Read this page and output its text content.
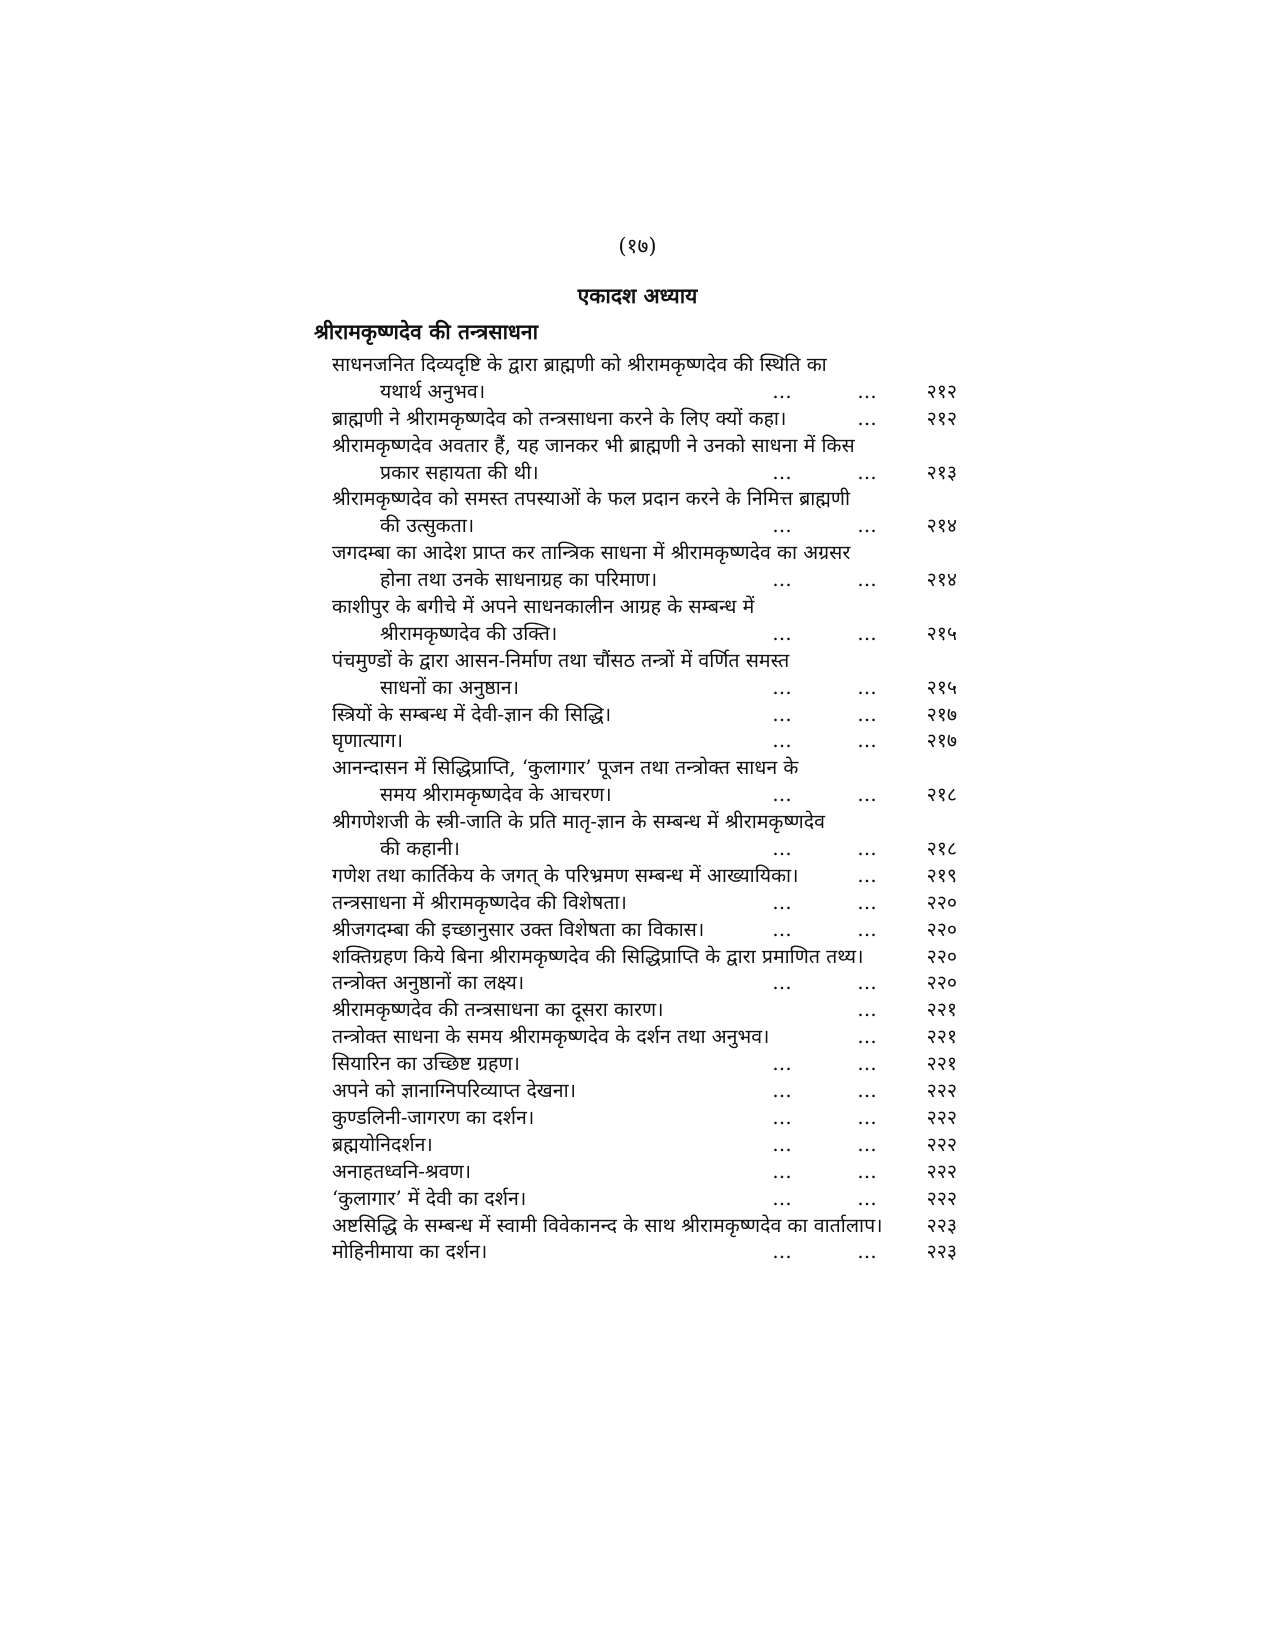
(१७)
एकादश अध्याय
श्रीरामकृष्णदेव की तन्त्रसाधना
साधनजनित दिव्यदृष्टि के द्वारा ब्राह्मणी को श्रीरामकृष्णदेव की स्थिति का
यथार्थ अनुभव।	…	…	२१२
ब्राह्मणी ने श्रीरामकृष्णदेव को तन्त्रसाधना करने के लिए क्यों कहा।	…	२१२
श्रीरामकृष्णदेव अवतार हैं, यह जानकर भी ब्राह्मणी ने उनको साधना में किस
प्रकार सहायता की थी।	…	…	२१३
श्रीरामकृष्णदेव को समस्त तपस्याओं के फल प्रदान करने के निमित्त ब्राह्मणी
की उत्सुकता।	…	…	२१४
जगदम्बा का आदेश प्राप्त कर तान्त्रिक साधना में श्रीरामकृष्णदेव का अग्रसर
होना तथा उनके साधनाग्रह का परिमाण।	…	…	२१४
काशीपुर के बगीचे में अपने साधनकालीन आग्रह के सम्बन्ध में
श्रीरामकृष्णदेव की उक्ति।	…	…	२१५
पंचमुण्डों के द्वारा आसन-निर्माण तथा चौंसठ तन्त्रों में वर्णित समस्त
साधनों का अनुष्ठान।	…	…	२१५
स्त्रियों के सम्बन्ध में देवी-ज्ञान की सिद्धि।	…	…	२१७
घृणात्याग।	…	…	२१७
आनन्दासन में सिद्धिप्राप्ति, ‘कुलागार’ पूजन तथा तन्त्रोक्त साधन के
समय श्रीरामकृष्णदेव के आचरण।	…	…	२१८
श्रीगणेशजी के स्त्री-जाति के प्रति मातृ-ज्ञान के सम्बन्ध में श्रीरामकृष्णदेव
की कहानी।	…	…	२१८
गणेश तथा कार्तिकेय के जगत् के परिभ्रमण सम्बन्ध में आख्यायिका।	…	२१९
तन्त्रसाधना में श्रीरामकृष्णदेव की विशेषता।	…	…	२२०
श्रीजगदम्बा की इच्छानुसार उक्त विशेषता का विकास।	…	…	२२०
शक्तिग्रहण किये बिना श्रीरामकृष्णदेव की सिद्धिप्राप्ति के द्वारा प्रमाणित तथ्य।	२२०
तन्त्रोक्त अनुष्ठानों का लक्ष्य।	…	…	२२०
श्रीरामकृष्णदेव की तन्त्रसाधना का दूसरा कारण।	…	२२१
तन्त्रोक्त साधना के समय श्रीरामकृष्णदेव के दर्शन तथा अनुभव।	…	२२१
सियारिन का उच्छिष्ट ग्रहण।	…	…	२२१
अपने को ज्ञानाग्निपरिव्याप्त देखना।	…	…	२२२
कुण्डलिनी-जागरण का दर्शन।	…	…	२२२
ब्रह्मयोनिदर्शन।	…	…	२२२
अनाहतध्वनि-श्रवण।	…	…	२२२
‘कुलागार’ में देवी का दर्शन।	…	…	२२२
अष्टसिद्धि के सम्बन्ध में स्वामी विवेकानन्द के साथ श्रीरामकृष्णदेव का वार्तालाप।	२२३
मोहिनीमाया का दर्शन।	…	…	२२३
